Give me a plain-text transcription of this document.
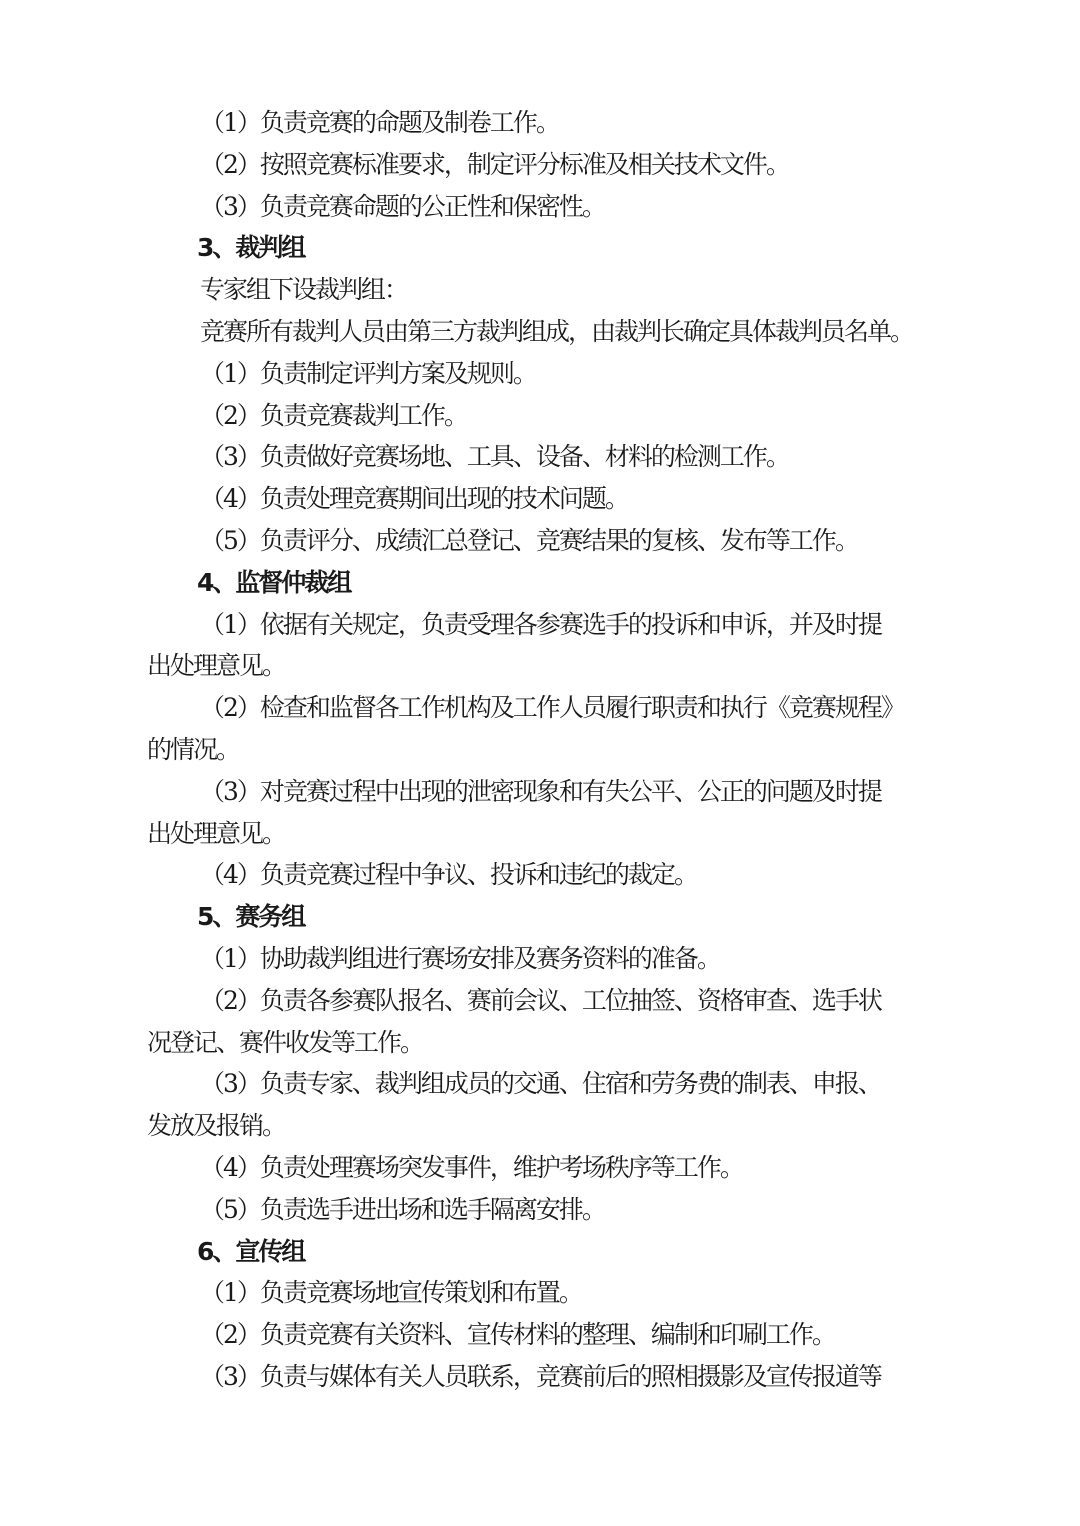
（1）负责竞赛的命题及制卷工作。
（2）按照竞赛标准要求，制定评分标准及相关技术文件。
（3）负责竞赛命题的公正性和保密性。
3、裁判组
专家组下设裁判组：
竞赛所有裁判人员由第三方裁判组成，由裁判长确定具体裁判员名单。
（1）负责制定评判方案及规则。
（2）负责竞赛裁判工作。
（3）负责做好竞赛场地、工具、设备、材料的检测工作。
（4）负责处理竞赛期间出现的技术问题。
（5）负责评分、成绩汇总登记、竞赛结果的复核、发布等工作。
4、监督仲裁组
（1）依据有关规定，负责受理各参赛选手的投诉和申诉，并及时提
出处理意见。
（2）检查和监督各工作机构及工作人员履行职责和执行《竞赛规程》
的情况。
（3）对竞赛过程中出现的泄密现象和有失公平、公正的问题及时提
出处理意见。
（4）负责竞赛过程中争议、投诉和违纪的裁定。
5、赛务组
（1）协助裁判组进行赛场安排及赛务资料的准备。
（2）负责各参赛队报名、赛前会议、工位抽签、资格审查、选手状
况登记、赛件收发等工作。
（3）负责专家、裁判组成员的交通、住宿和劳务费的制表、申报、
发放及报销。
（4）负责处理赛场突发事件，维护考场秩序等工作。
（5）负责选手进出场和选手隔离安排。
6、宣传组
（1）负责竞赛场地宣传策划和布置。
（2）负责竞赛有关资料、宣传材料的整理、编制和印刷工作。
（3）负责与媒体有关人员联系，竞赛前后的照相摄影及宣传报道等
